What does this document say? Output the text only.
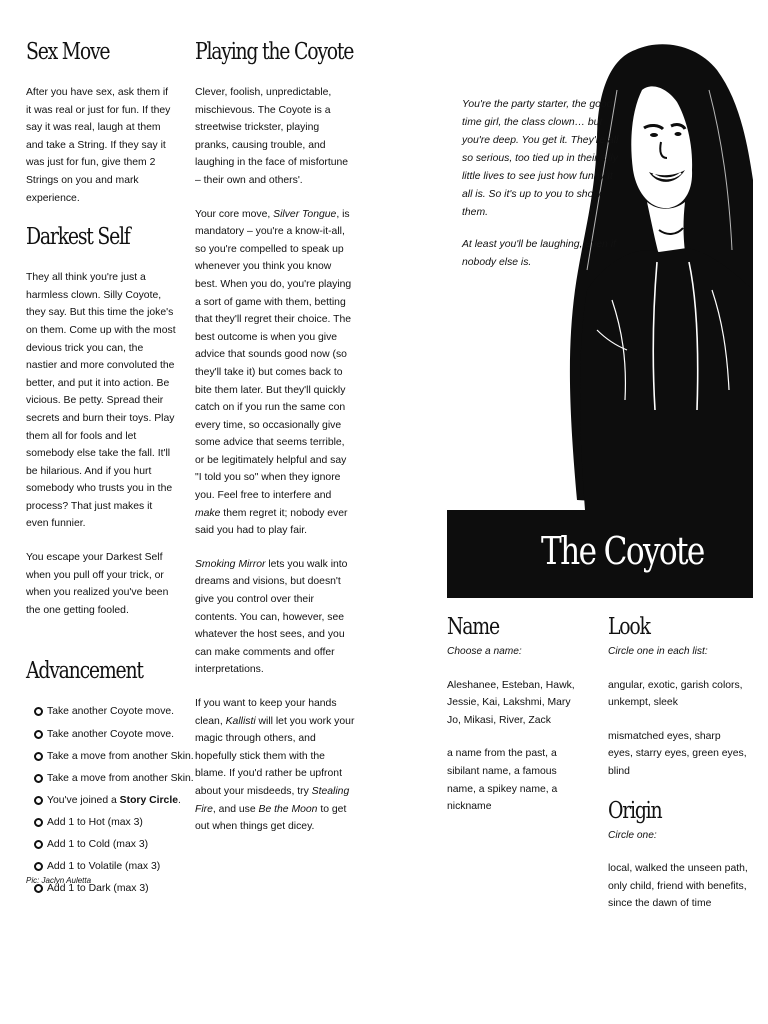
Sex Move

After you have sex, ask them if it was real or just for fun. If they say it was real, laugh at them and take a String. If they say it was just for fun, give them 2 Strings on you and mark experience.

Darkest Self

They all think you're just a harmless clown. Silly Coyote, they say. But this time the joke's on them. Come up with the most devious trick you can, the nastier and more convoluted the better, and put it into action. Be vicious. Be petty. Spread their secrets and burn their toys. Play them all for fools and let somebody else take the fall. It'll be hilarious. And if you hurt somebody who trusts you in the process? That just makes it even funnier.

You escape your Darkest Self when you pull off your trick, or when you realized you've been the one getting fooled.

Advancement
Take another Coyote move.
Take another Coyote move.
Take a move from another Skin.
Take a move from another Skin.
You've joined a Story Circle.
Add 1 to Hot (max 3)
Add 1 to Cold (max 3)
Add 1 to Volatile (max 3)
Add 1 to Dark (max 3)
Pic: Jaclyn Auletta
Playing the Coyote

Clever, foolish, unpredictable, mischievous. The Coyote is a streetwise trickster, playing pranks, causing trouble, and laughing in the face of misfortune – their own and others'.

Your core move, Silver Tongue, is mandatory – you're a know-it-all, so you're compelled to speak up whenever you think you know best. When you do, you're playing a sort of game with them, betting that they'll regret their choice. The best outcome is when you give advice that sounds good now (so they'll take it) but comes back to bite them later. But they'll quickly catch on if you run the same con every time, so occasionally give some advice that seems terrible, or be legitimately helpful and say "I told you so" when they ignore you. Feel free to interfere and make them regret it; nobody ever said you had to play fair.

Smoking Mirror lets you walk into dreams and visions, but doesn't give you control over their contents. You can, however, see whatever the host sees, and you can make comments and offer interpretations.

If you want to keep your hands clean, Kallisti will let you work your magic through others, and hopefully stick them with the blame. If you'd rather be upfront about your misdeeds, try Stealing Fire, and use Be the Moon to get out when things get dicey.

You're the party starter, the good time girl, the class clown… but you're deep. You get it. They're all so serious, too tied up in their silly little lives to see just how funny it all is. So it's up to you to show them.

At least you'll be laughing, even if nobody else is.

The Coyote
Name
Choose a name:

Aleshanee, Esteban, Hawk, Jessie, Kai, Lakshmi, Mary Jo, Mikasi, River, Zack

a name from the past, a sibilant name, a famous name, a spikey name, a nickname

Look
Circle one in each list:

angular, exotic, garish colors, unkempt, sleek

mismatched eyes, sharp eyes, starry eyes, green eyes, blind

Origin
Circle one:

local, walked the unseen path, only child, friend with benefits, since the dawn of time
